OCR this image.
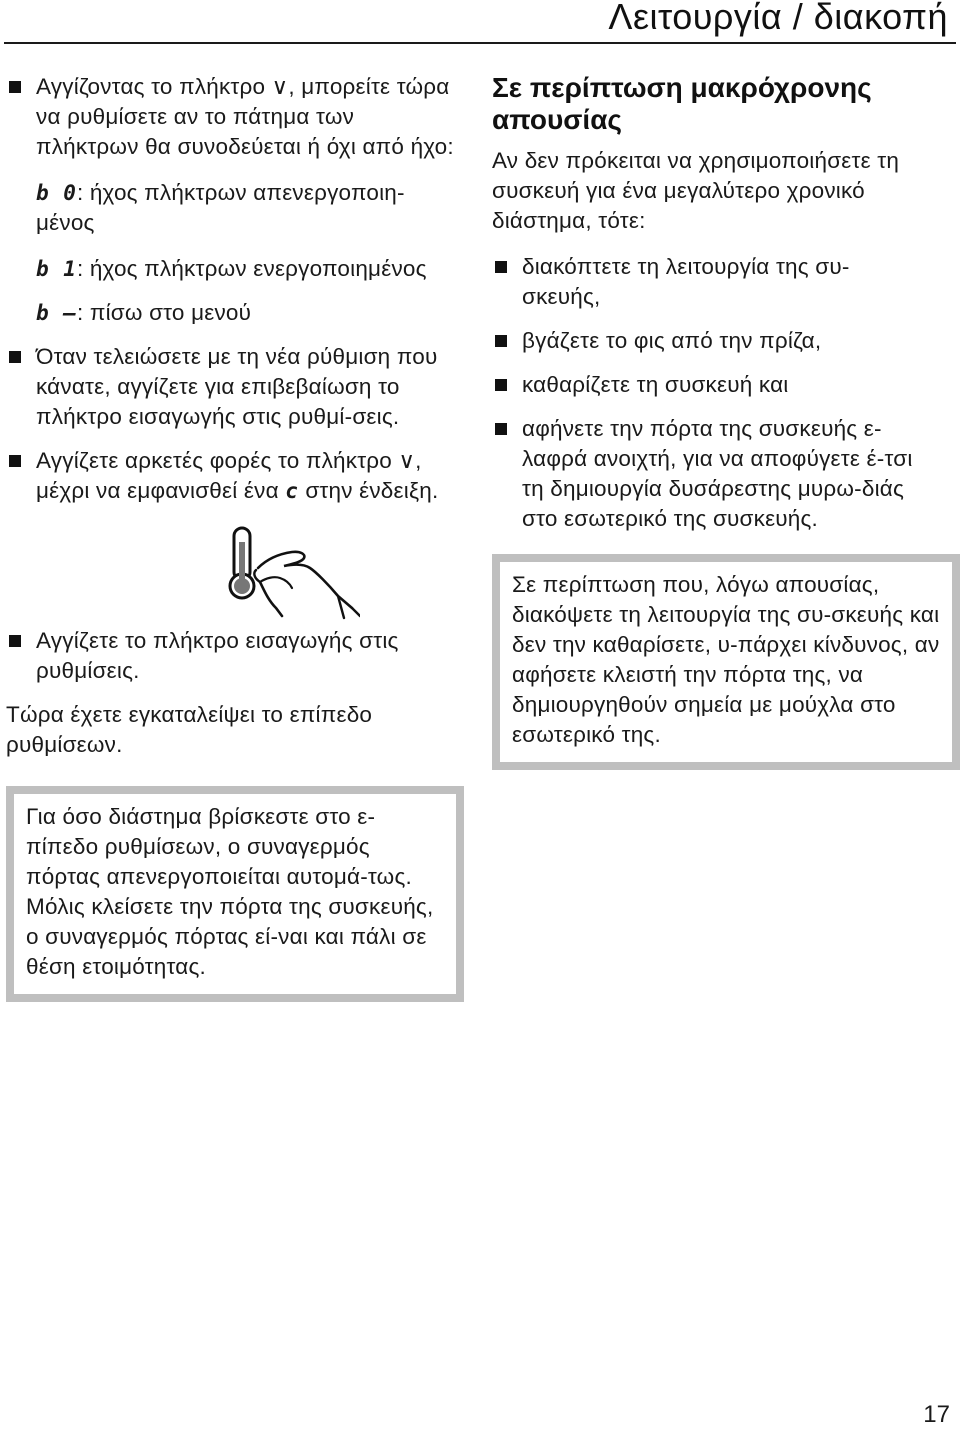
Λειτουργία / διακοπή
Αγγίζοντας το πλήκτρο ∨, μπορείτε τώρα να ρυθμίσετε αν το πάτημα των πλήκτρων θα συνοδεύεται ή όχι από ήχο:
b 0: ήχος πλήκτρων απενεργοποιη-μένος
b 1: ήχος πλήκτρων ενεργοποιημένος
b –: πίσω στο μενού
Όταν τελειώσετε με τη νέα ρύθμιση που κάνατε, αγγίζετε για επιβεβαίωση το πλήκτρο εισαγωγής στις ρυθμί-σεις.
Αγγίζετε αρκετές φορές το πλήκτρο ∨, μέχρι να εμφανισθεί ένα c στην ένδειξη.
Αγγίζετε το πλήκτρο εισαγωγής στις ρυθμίσεις.
Τώρα έχετε εγκαταλείψει το επίπεδο ρυθμίσεων.
Για όσο διάστημα βρίσκεστε στο ε-πίπεδο ρυθμίσεων, ο συναγερμός πόρτας απενεργοποιείται αυτομά-τως. Μόλις κλείσετε την πόρτα της συσκευής, ο συναγερμός πόρτας εί-ναι και πάλι σε θέση ετοιμότητας.
Σε περίπτωση μακρόχρονης απουσίας
Αν δεν πρόκειται να χρησιμοποιήσετε τη συσκευή για ένα μεγαλύτερο χρονικό διάστημα, τότε:
διακόπτετε τη λειτουργία της συ-σκευής,
βγάζετε το φις από την πρίζα,
καθαρίζετε τη συσκευή και
αφήνετε την πόρτα της συσκευής ε-λαφρά ανοιχτή, για να αποφύγετε έ-τσι τη δημιουργία δυσάρεστης μυρω-διάς στο εσωτερικό της συσκευής.
Σε περίπτωση που, λόγω απουσίας, διακόψετε τη λειτουργία της συ-σκευής και δεν την καθαρίσετε, υ-πάρχει κίνδυνος, αν αφήσετε κλειστή την πόρτα της, να δημιουργηθούν σημεία με μούχλα στο εσωτερικό της.
17
